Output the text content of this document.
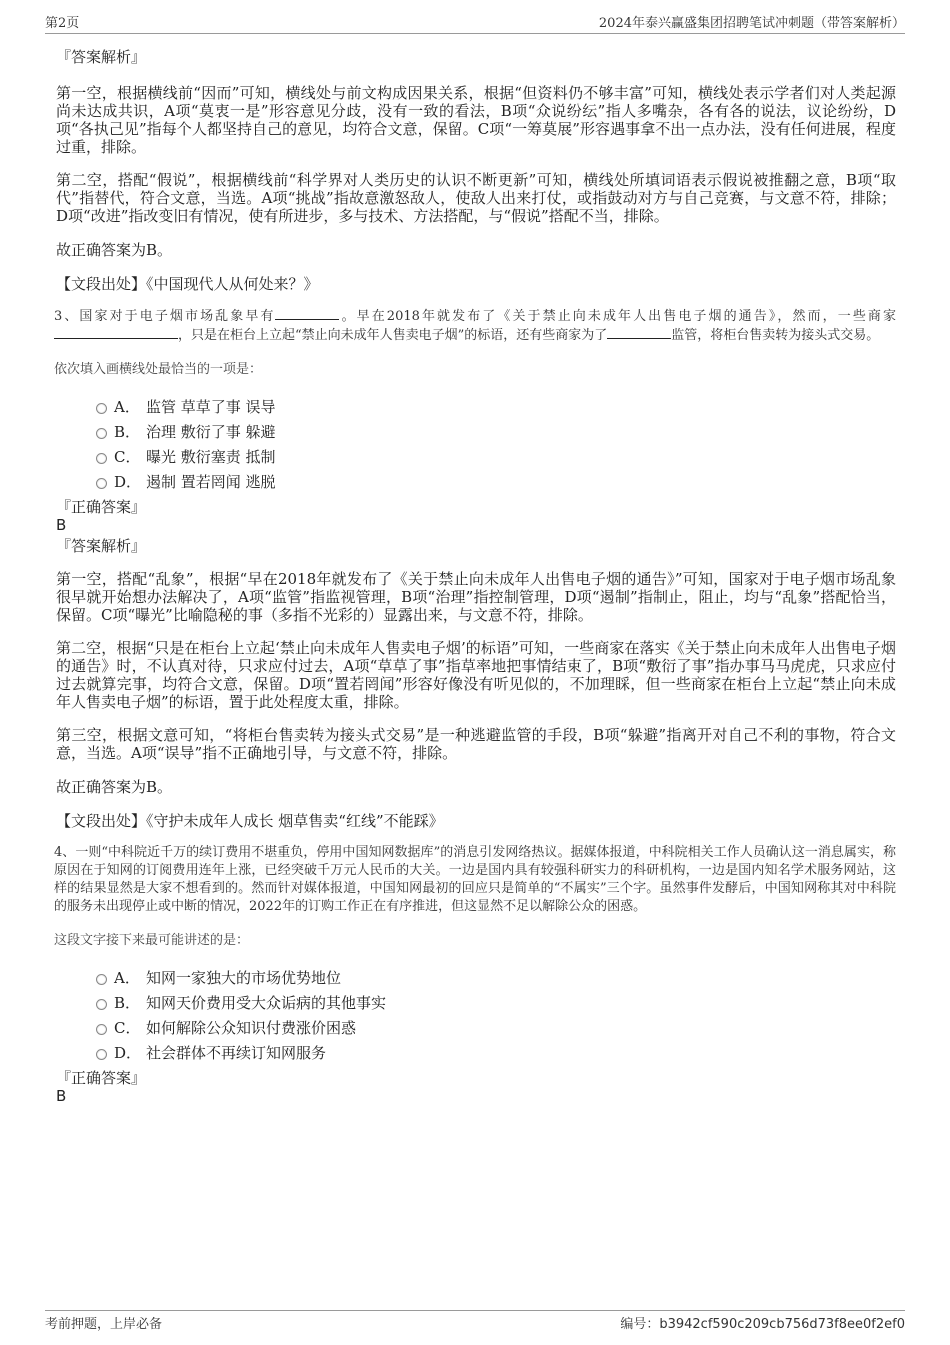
第2页	2024年泰兴赢盛集团招聘笔试冲刺题（带答案解析）
『答案解析』

第一空，根据横线前“因而”可知，横线处与前文构成因果关系，根据“但资料仍不够丰富”可知，横线处表示学者们对人类起源尚未达成共识，A项“莫衷一是”形容意见分歧，没有一致的看法，B项“众说纷纭”指人多嘴杂，各有各的说法，议论纷纷，D项“各执己见”指每个人都坚持自己的意见，均符合文意，保留。C项“一筹莫展”形容遇事拿不出一点办法，没有任何进展，程度过重，排除。

第二空，搭配“假说”，根据横线前“科学界对人类历史的认识不断更新”可知，横线处所填词语表示假说被推翻之意，B项“取代”指替代，符合文意，当选。A项“挑战”指故意激怒敌人，使敌人出来打仗，或指鼓动对方与自己竞赛，与文意不符，排除；D项“改进”指改变旧有情况，使有所进步，多与技术、方法搭配，与“假说”搭配不当，排除。

故正确答案为B。

【文段出处】《中国现代人从何处来？》

3、国家对于电子烟市场乱象早有	。早在2018年就发布了《关于禁止向未成年人出售电子烟的通告》，然而，一些商家，只是在柜台上立起“禁止向未成年人售卖电子烟”的标语，还有些商家为了	监管，将柜台售卖转为接头式交易。

依次填入画横线处最恰当的一项是：

A． 监管 草草了事 误导
B． 治理 敷衍了事 躲避
C． 曝光 敷衍塞责 抵制
D． 遏制 置若罔闻 逃脱
『正确答案』
B
『答案解析』

第一空，搭配“乱象”，根据“早在2018年就发布了《关于禁止向未成年人出售电子烟的通告》”可知，国家对于电子烟市场乱象很早就开始想办法解决了，A项“监管”指监视管理，B项“治理”指控制管理，D项“遏制”指制止，阻止，均与“乱象”搭配恰当，保留。C项“曝光”比喻隐秘的事（多指不光彩的）显露出来，与文意不符，排除。

第二空，根据“只是在柜台上立起‘禁止向未成年人售卖电子烟’的标语”可知，一些商家在落实《关于禁止向未成年人出售电子烟的通告》时，不认真对待，只求应付过去，A项“草草了事”指草率地把事情结束了，B项“敷衍了事”指办事马马虎虎，只求应付过去就算完事，均符合文意，保留。D项“置若罔闻”形容好像没有听见似的，不加理睬，但一些商家在柜台上立起“禁止向未成年人售卖电子烟”的标语，置于此处程度太重，排除。

第三空，根据文意可知，“将柜台售卖转为接头式交易”是一种逃避监管的手段，B项“躲避”指离开对自己不利的事物，符合文意，当选。A项“误导”指不正确地引导，与文意不符，排除。

故正确答案为B。

【文段出处】《守护未成年人成长 烟草售卖“红线”不能踩》

4、一则“中科院近千万的续订费用不堪重负，停用中国知网数据库”的消息引发网络热议。据媒体报道，中科院相关工作人员确认这一消息属实，称原因在于知网的订阅费用连年上涨，已经突破千万元人民币的大关。一边是国内具有较强科研实力的科研机构，一边是国内知名学术服务网站，这样的结果显然是大家不想看到的。然而针对媒体报道，中国知网最初的回应只是简单的“不属实”三个字。虽然事件发酵后，中国知网称其对中科院的服务未出现停止或中断的情况，2022年的订购工作正在有序推进，但这显然不足以解除公众的困惑。

这段文字接下来最可能讲述的是：

A． 知网一家独大的市场优势地位
B． 知网天价费用受大众诟病的其他事实
C． 如何解除公众知识付费涨价困惑
D． 社会群体不再续订知网服务
『正确答案』
B
考前押题，上岸必备	编号：b3942cf590c209cb756d73f8ee0f2ef0
